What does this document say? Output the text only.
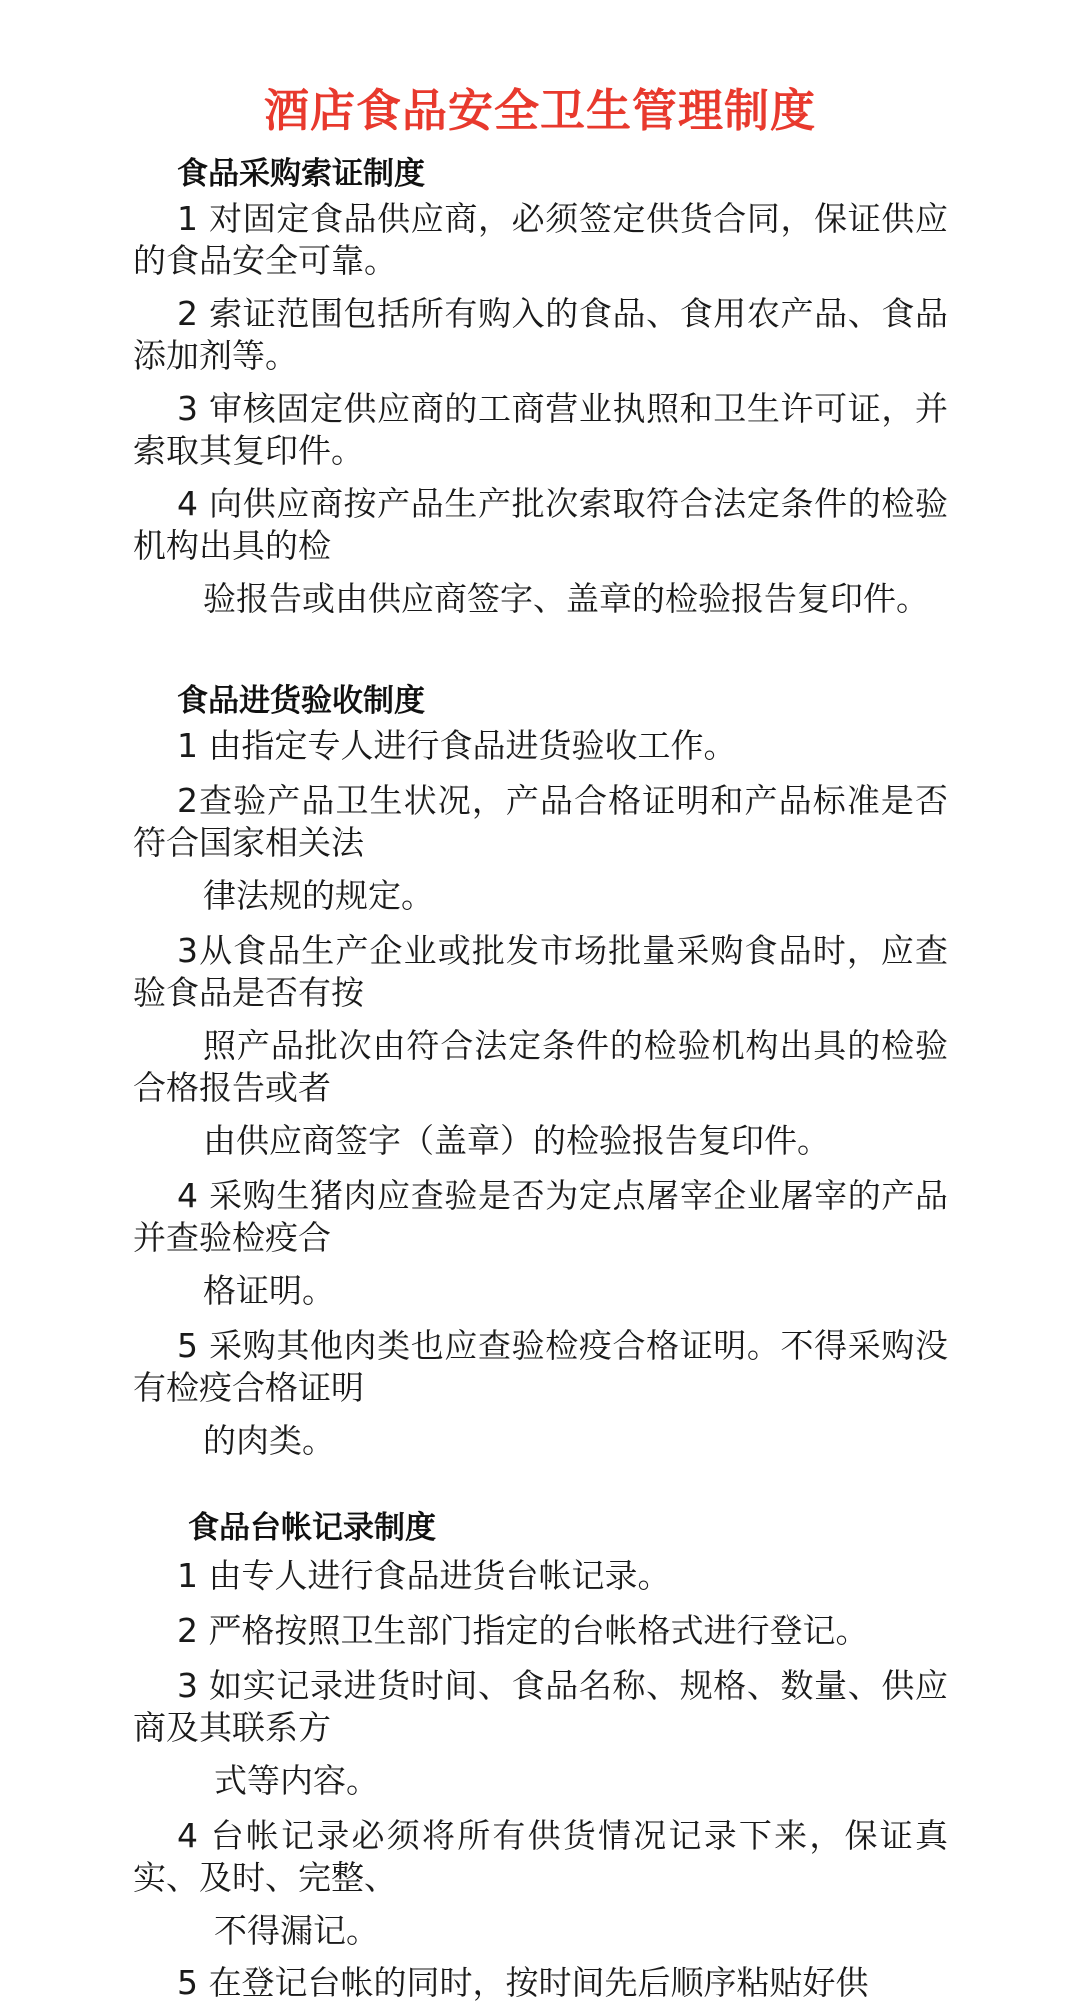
酒店食品安全卫生管理制度
食品采购索证制度

1 对固定食品供应商，必须签定供货合同，保证供应的食品安全可靠。

2 索证范围包括所有购入的食品、食用农产品、食品添加剂等。

3 审核固定供应商的工商营业执照和卫生许可证，并索取其复印件。

4 向供应商按产品生产批次索取符合法定条件的检验机构出具的检

验报告或由供应商签字、盖章的检验报告复印件。

食品进货验收制度

1 由指定专人进行食品进货验收工作。

2查验产品卫生状况，产品合格证明和产品标准是否符合国家相关法

律法规的规定。

3从食品生产企业或批发市场批量采购食品时，应查验食品是否有按

照产品批次由符合法定条件的检验机构出具的检验合格报告或者

由供应商签字（盖章）的检验报告复印件。

4 采购生猪肉应查验是否为定点屠宰企业屠宰的产品并查验检疫合

格证明。

5 采购其他肉类也应查验检疫合格证明。不得采购没有检疫合格证明

的肉类。

食品台帐记录制度

1 由专人进行食品进货台帐记录。

2 严格按照卫生部门指定的台帐格式进行登记。

3 如实记录进货时间、食品名称、规格、数量、供应商及其联系方

式等内容。

4 台帐记录必须将所有供货情况记录下来，保证真实、及时、完整、

不得漏记。

5 在登记台帐的同时，按时间先后顺序粘贴好供
